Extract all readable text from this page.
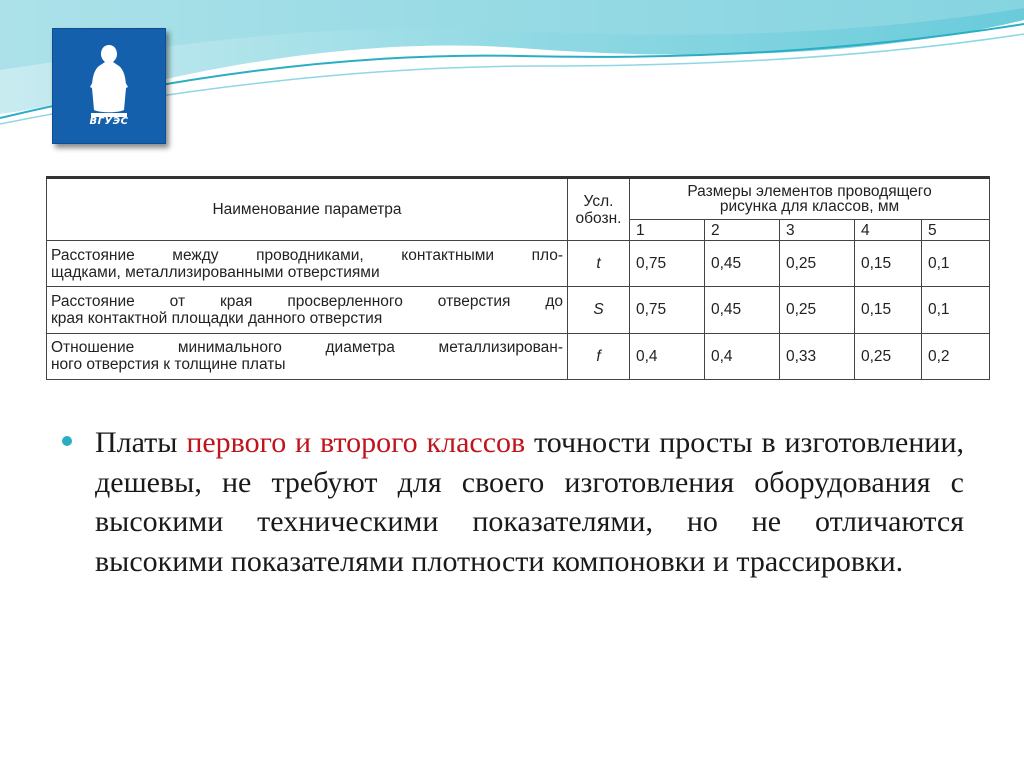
ВГУЭС
Наименование параметра	Усл.
обозн.	Размеры элементов проводящего
рисунка для классов, мм				
		1	2	3	4	5

Расстояние между проводниками, контактными пло-
щадками, металлизированными отверстиями	t	0,75	0,45	0,25	0,15	0,1

Расстояние от края просверленного отверстия до
края контактной площадки данного отверстия	S	0,75	0,45	0,25	0,15	0,1

Отношение минимального диаметра металлизирован-
ного отверстия к толщине платы	f	0,4	0,4	0,33	0,25	0,2
Платы первого и второго классов точности просты в изготовлении, дешевы, не требуют для своего изготовления оборудования с высокими техническими показателями, но не отличаются высокими показателями плотности компоновки и трассировки.
